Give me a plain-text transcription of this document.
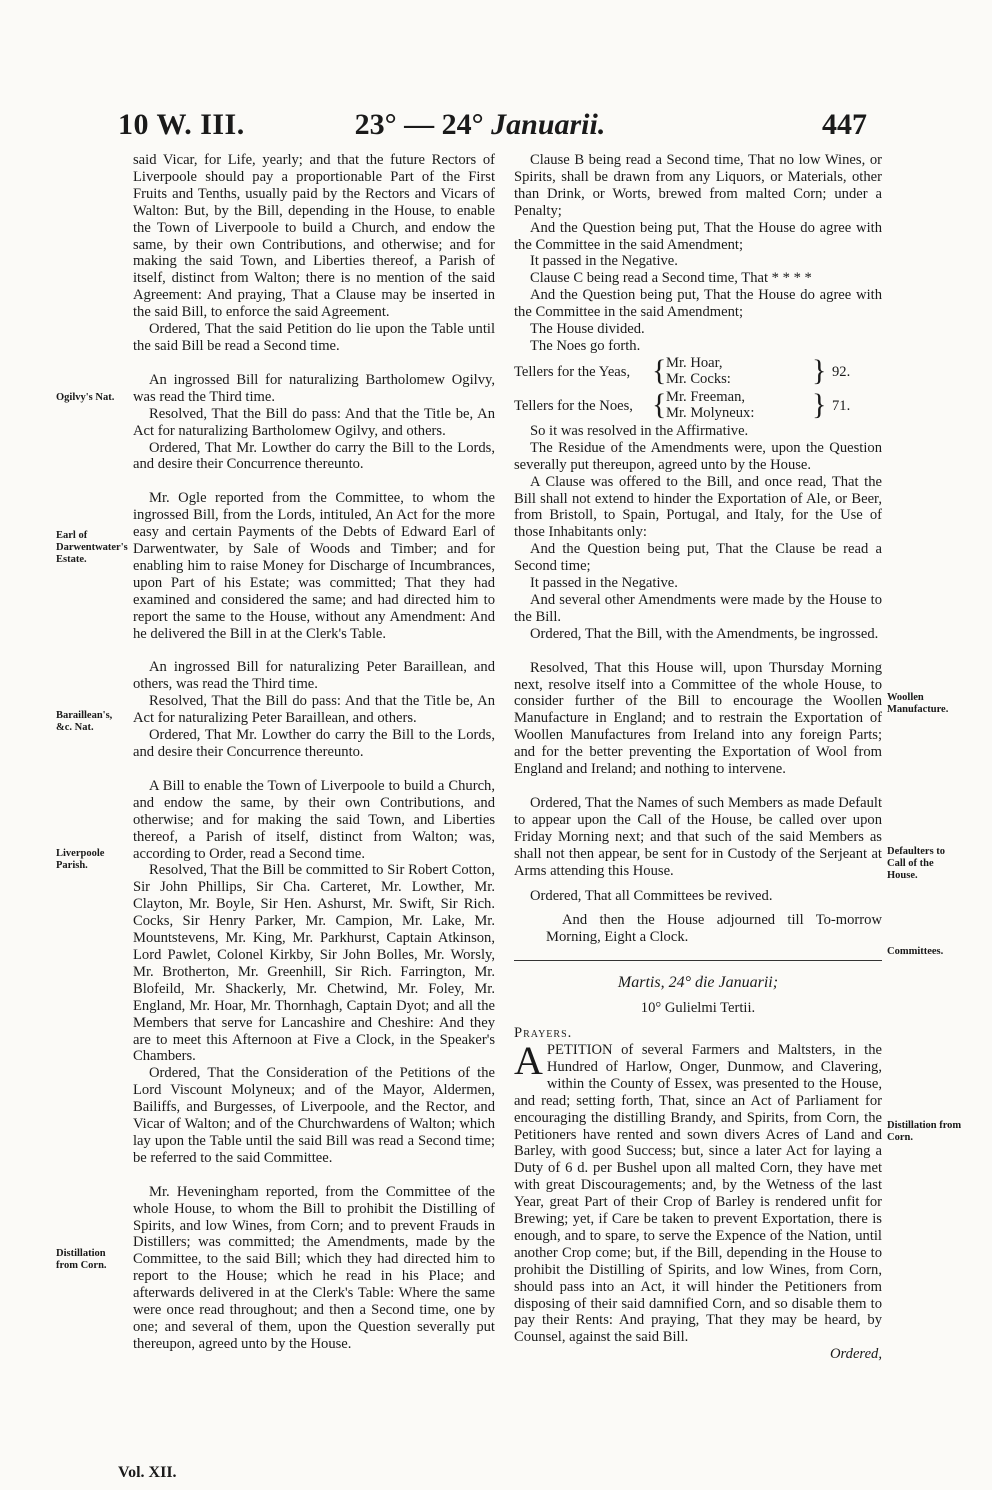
10 W. III.	23° — 24° Januarii.	447
Ogilvy's Nat.
Earl of Darwentwater's Estate.
Baraillean's, &c. Nat.
Liverpoole Parish.
Distillation from Corn.
Woollen Manufacture.
Defaulters to Call of the House.
Committees.
Distillation from Corn.

said Vicar, for Life, yearly; and that the future Rectors of Liverpoole should pay a proportionable Part of the First Fruits and Tenths, usually paid by the Rectors and Vicars of Walton: But, by the Bill, depending in the House, to enable the Town of Liverpoole to build a Church, and endow the same, by their own Contributions, and otherwise; and for making the said Town, and Liberties thereof, a Parish of itself, distinct from Walton; there is no mention of the said Agreement: And praying, That a Clause may be inserted in the said Bill, to enforce the said Agreement.

Ordered, That the said Petition do lie upon the Table until the said Bill be read a Second time.

An ingrossed Bill for naturalizing Bartholomew Ogilvy, was read the Third time.

Resolved, That the Bill do pass: And that the Title be, An Act for naturalizing Bartholomew Ogilvy, and others.

Ordered, That Mr. Lowther do carry the Bill to the Lords, and desire their Concurrence thereunto.

Mr. Ogle reported from the Committee, to whom the ingrossed Bill, from the Lords, intituled, An Act for the more easy and certain Payments of the Debts of Edward Earl of Darwentwater, by Sale of Woods and Timber; and for enabling him to raise Money for Discharge of Incumbrances, upon Part of his Estate; was committed; That they had examined and considered the same; and had directed him to report the same to the House, without any Amendment: And he delivered the Bill in at the Clerk's Table.

An ingrossed Bill for naturalizing Peter Baraillean, and others, was read the Third time.

Resolved, That the Bill do pass: And that the Title be, An Act for naturalizing Peter Baraillean, and others.

Ordered, That Mr. Lowther do carry the Bill to the Lords, and desire their Concurrence thereunto.

A Bill to enable the Town of Liverpoole to build a Church, and endow the same, by their own Contributions, and otherwise; and for making the said Town, and Liberties thereof, a Parish of itself, distinct from Walton; was, according to Order, read a Second time.

Resolved, That the Bill be committed to Sir Robert Cotton, Sir John Phillips, Sir Cha. Carteret, Mr. Lowther, Mr. Clayton, Mr. Boyle, Sir Hen. Ashurst, Mr. Swift, Sir Rich. Cocks, Sir Henry Parker, Mr. Campion, Mr. Lake, Mr. Mountstevens, Mr. King, Mr. Parkhurst, Captain Atkinson, Lord Pawlet, Colonel Kirkby, Sir John Bolles, Mr. Worsly, Mr. Brotherton, Mr. Greenhill, Sir Rich. Farrington, Mr. Blofeild, Mr. Shackerly, Mr. Chetwind, Mr. Foley, Mr. England, Mr. Hoar, Mr. Thornhagh, Captain Dyot; and all the Members that serve for Lancashire and Cheshire: And they are to meet this Afternoon at Five a Clock, in the Speaker's Chambers.

Ordered, That the Consideration of the Petitions of the Lord Viscount Molyneux; and of the Mayor, Aldermen, Bailiffs, and Burgesses, of Liverpoole, and the Rector, and Vicar of Walton; and of the Churchwardens of Walton; which lay upon the Table until the said Bill was read a Second time; be referred to the said Committee.

Mr. Heveningham reported, from the Committee of the whole House, to whom the Bill to prohibit the Distilling of Spirits, and low Wines, from Corn; and to prevent Frauds in Distillers; was committed; the Amendments, made by the Committee, to the said Bill; which they had directed him to report to the House; which he read in his Place; and afterwards delivered in at the Clerk's Table: Where the same were once read throughout; and then a Second time, one by one; and several of them, upon the Question severally put thereupon, agreed unto by the House.

Clause B being read a Second time, That no low Wines, or Spirits, shall be drawn from any Liquors, or Materials, other than Drink, or Worts, brewed from malted Corn; under a Penalty;

And the Question being put, That the House do agree with the Committee in the said Amendment;

It passed in the Negative.

Clause C being read a Second time, That * * * *

And the Question being put, That the House do agree with the Committee in the said Amendment;

The House divided.

The Noes go forth.

Tellers for the Yeas, { Mr. Hoar,
Mr. Cocks:	} 92.
Tellers for the Noes, { Mr. Freeman,
Mr. Molyneux: } 71.

So it was resolved in the Affirmative.

The Residue of the Amendments were, upon the Question severally put thereupon, agreed unto by the House.

A Clause was offered to the Bill, and once read, That the Bill shall not extend to hinder the Exportation of Ale, or Beer, from Bristoll, to Spain, Portugal, and Italy, for the Use of those Inhabitants only:

And the Question being put, That the Clause be read a Second time;

It passed in the Negative.

And several other Amendments were made by the House to the Bill.

Ordered, That the Bill, with the Amendments, be ingrossed.

Resolved, That this House will, upon Thursday Morning next, resolve itself into a Committee of the whole House, to consider further of the Bill to encourage the Woollen Manufacture in England; and to restrain the Exportation of Woollen Manufactures from Ireland into any foreign Parts; and for the better preventing the Exportation of Wool from England and Ireland; and nothing to intervene.

Ordered, That the Names of such Members as made Default to appear upon the Call of the House, be called over upon Friday Morning next; and that such of the said Members as shall not then appear, be sent for in Custody of the Serjeant at Arms attending this House.

Ordered, That all Committees be revived.

And then the House adjourned till To-morrow Morning, Eight a Clock.

Martis, 24° die Januarii;

10° Gulielmi Tertii.

Prayers.

A PETITION of several Farmers and Maltsters, in the Hundred of Harlow, Onger, Dunmow, and Clavering, within the County of Essex, was presented to the House, and read; setting forth, That, since an Act of Parliament for encouraging the distilling Brandy, and Spirits, from Corn, the Petitioners have rented and sown divers Acres of Land and Barley, with good Success; but, since a later Act for laying a Duty of 6 d. per Bushel upon all malted Corn, they have met with great Discouragements; and, by the Wetness of the last Year, great Part of their Crop of Barley is rendered unfit for Brewing; yet, if Care be taken to prevent Exportation, there is enough, and to spare, to serve the Expence of the Nation, until another Crop come; but, if the Bill, depending in the House to prohibit the Distilling of Spirits, and low Wines, from Corn, should pass into an Act, it will hinder the Petitioners from disposing of their said damnified Corn, and so disable them to pay their Rents: And praying, That they may be heard, by Counsel, against the said Bill.

Ordered,

Vol. XII.
